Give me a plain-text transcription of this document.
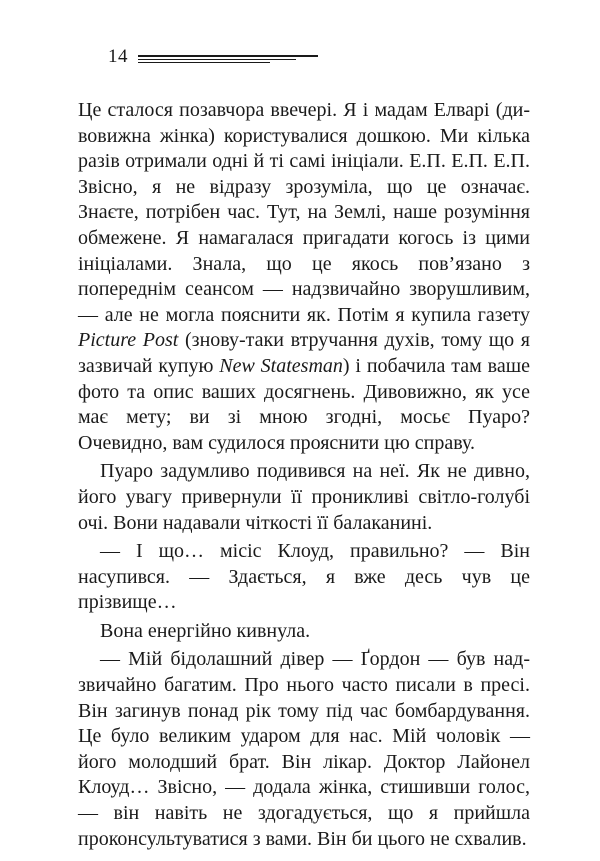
14

Це сталося позавчора ввечері. Я і мадам Елварі (дивовижна жінка) користувалися дошкою. Ми кілька разів отримали одні й ті самі ініціали. Е.П. Е.П. Е.П. Звісно, я не відразу зрозуміла, що це означає. Знаєте, потрібен час. Тут, на Землі, наше розуміння обмежене. Я намагалася пригадати когось із цими ініціалами. Знала, що це якось пов’язано з попереднім сеансом — надзвичайно зворушливим, — але не могла пояснити як. Потім я купила газету Picture Post (знову-таки втручання духів, тому що я зазвичай купую New Statesman) і побачила там ваше фото та опис ваших досягнень. Дивовижно, як усе має мету; ви зі мною згодні, мосьє Пуаро? Очевидно, вам судилося прояснити цю справу.

Пуаро задумливо подивився на неї. Як не дивно, його увагу привернули її проникливі світло-голубі очі. Вони надавали чіткості її балаканині.

— І що… місіс Клоуд, правильно? — Він насупився. — Здається, я вже десь чув це прізвище…

Вона енергійно кивнула.

— Мій бідолашний дівер — Ґордон — був надзвичайно багатим. Про нього часто писали в пресі. Він загинув понад рік тому під час бомбардування. Це було великим ударом для нас. Мій чоловік — його молодший брат. Він лікар. Доктор Лайонел Клоуд… Звісно, — додала жінка, стишивши голос, — він навіть не здогадується, що я прийшла проконсультуватися з вами. Він би цього не схвалив.
